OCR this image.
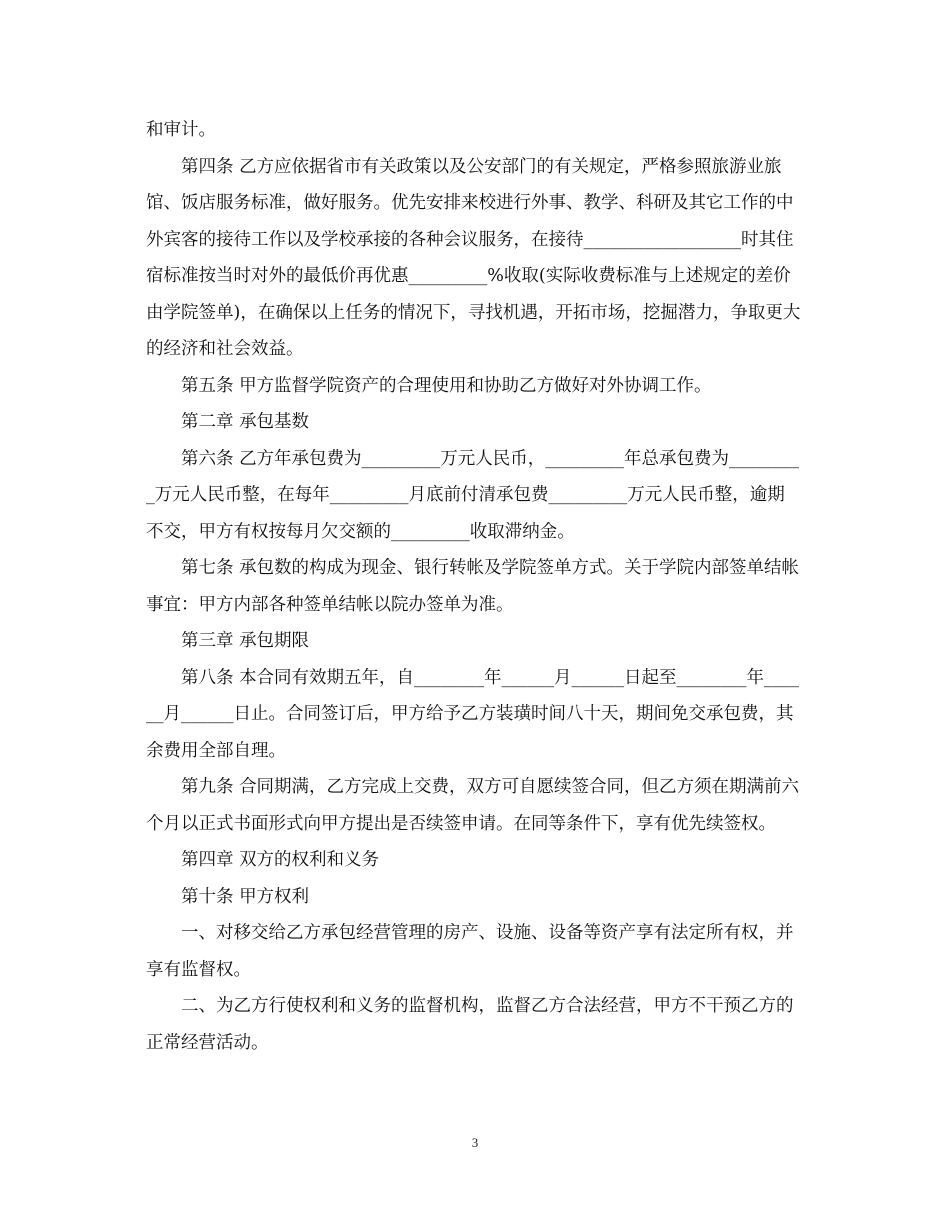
和审计。

第四条 乙方应依据省市有关政策以及公安部门的有关规定，严格参照旅游业旅馆、饭店服务标准，做好服务。优先安排来校进行外事、教学、科研及其它工作的中外宾客的接待工作以及学校承接的各种会议服务，在接待__________________时其住宿标准按当时对外的最低价再优惠_________%收取(实际收费标准与上述规定的差价由学院签单)，在确保以上任务的情况下，寻找机遇，开拓市场，挖掘潜力，争取更大的经济和社会效益。

第五条 甲方监督学院资产的合理使用和协助乙方做好对外协调工作。

第二章 承包基数

第六条 乙方年承包费为_________万元人民币，_________年总承包费为_________万元人民币整，在每年_________月底前付清承包费_________万元人民币整，逾期不交，甲方有权按每月欠交额的_________收取滞纳金。

第七条 承包数的构成为现金、银行转帐及学院签单方式。关于学院内部签单结帐事宜：甲方内部各种签单结帐以院办签单为准。

第三章 承包期限

第八条 本合同有效期五年，自________年______月______日起至________年______月______日止。合同签订后，甲方给予乙方装璜时间八十天，期间免交承包费，其余费用全部自理。

第九条 合同期满，乙方完成上交费，双方可自愿续签合同，但乙方须在期满前六个月以正式书面形式向甲方提出是否续签申请。在同等条件下，享有优先续签权。

第四章 双方的权利和义务

第十条 甲方权利

一、对移交给乙方承包经营管理的房产、设施、设备等资产享有法定所有权，并享有监督权。

二、为乙方行使权利和义务的监督机构，监督乙方合法经营，甲方不干预乙方的正常经营活动。

3
